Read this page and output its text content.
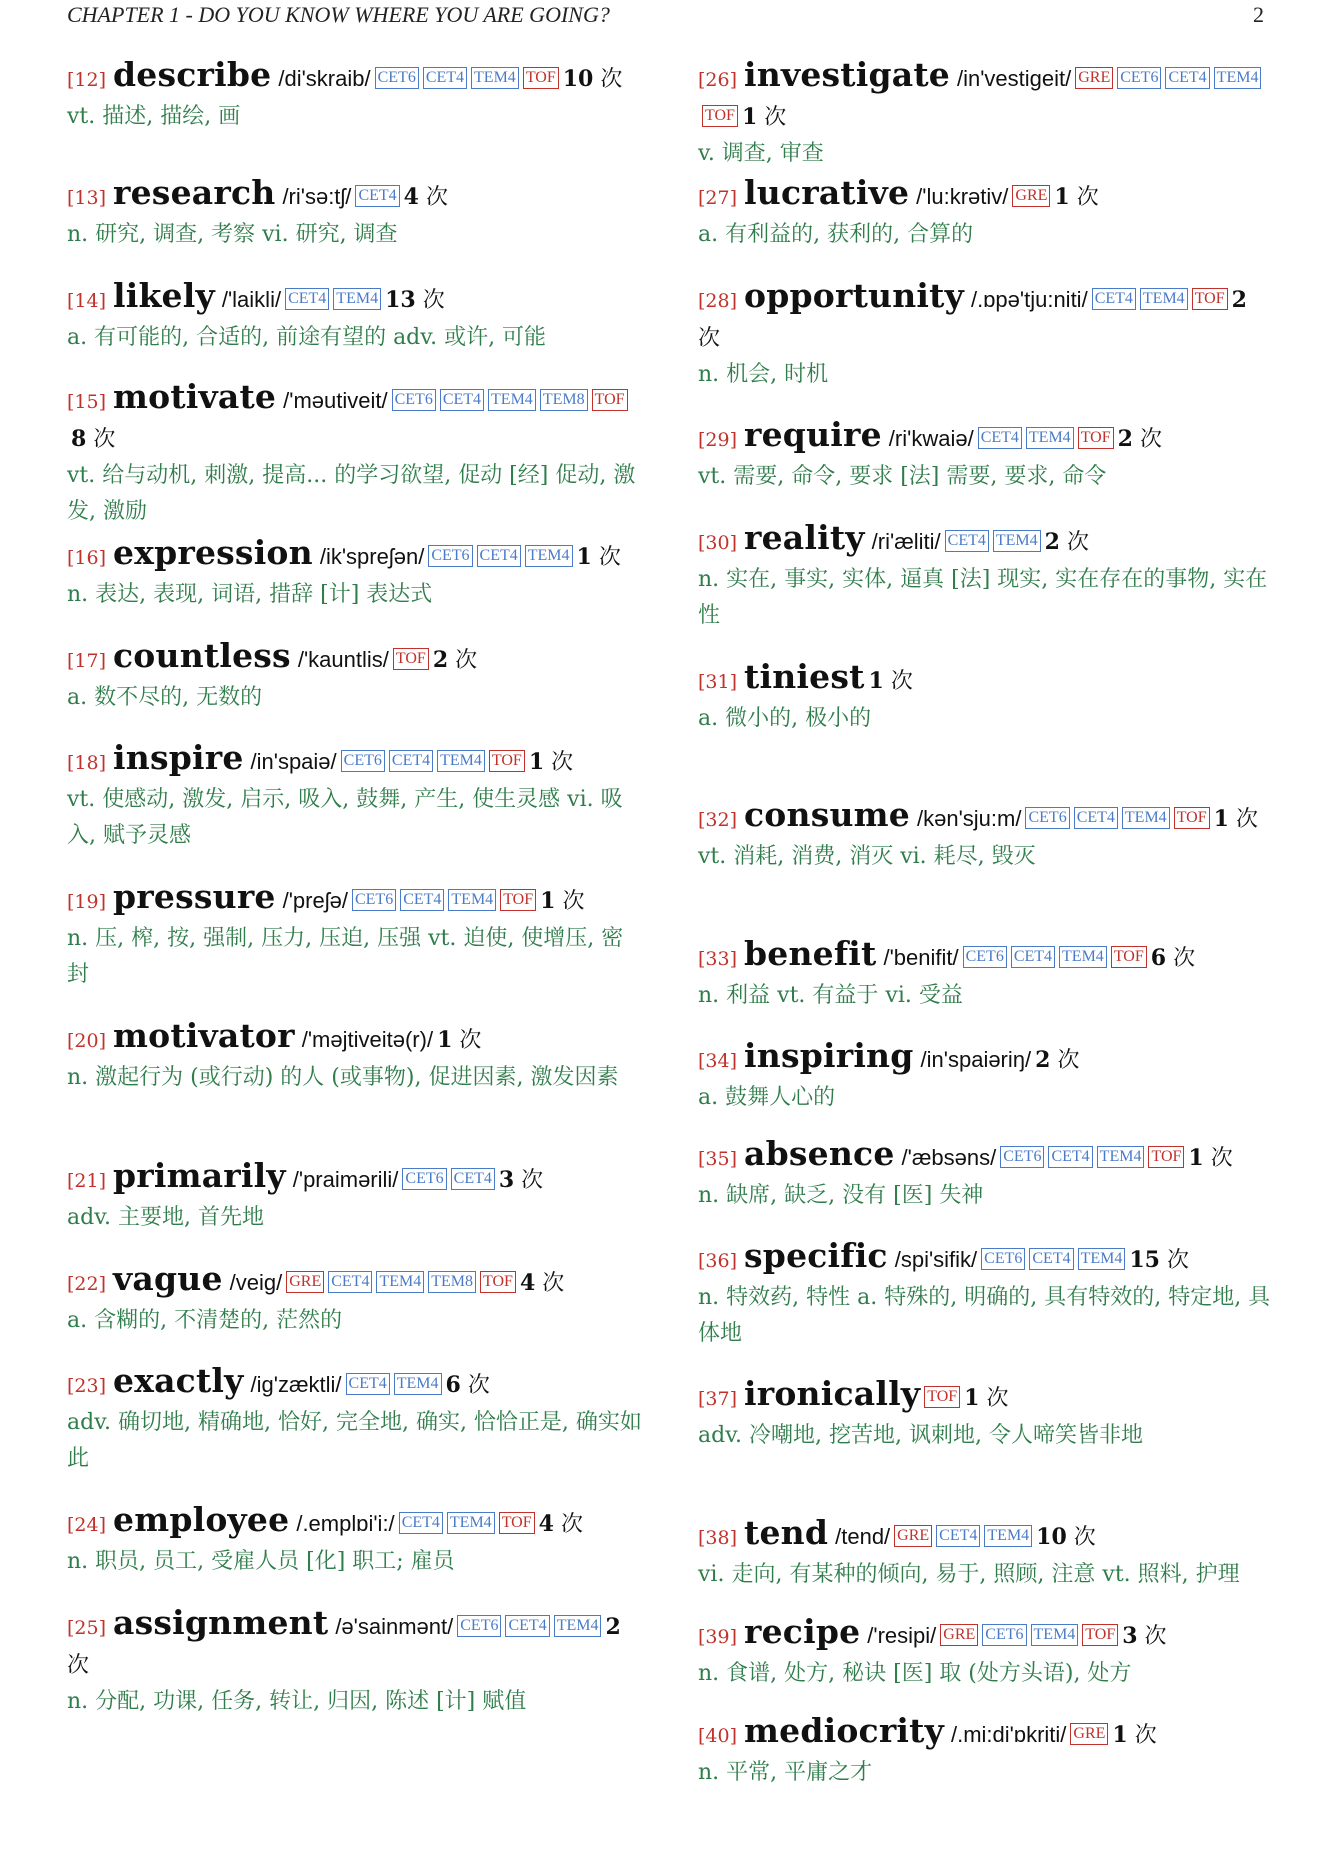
CHAPTER 1 - DO YOU KNOW WHERE YOU ARE GOING?	2
[12] describe /di'skraib/ CET6 CET4 TEM4 TOF 10 次
vt. 描述, 描绘, 画
[13] research /ri'sə:tʃ/ CET4 4 次
n. 研究, 调查, 考察 vi. 研究, 调查
[14] likely /'laikli/ CET4 TEM4 13 次
a. 有可能的, 合适的, 前途有望的 adv. 或许, 可能
[15] motivate /'məutiveit/ CET6 CET4 TEM4 TEM8 TOF8 次
vt. 给与动机, 刺激, 提高... 的学习欲望, 促动 [经] 促动, 激发, 激励
[16] expression /ik'spreʃən/ CET6 CET4 TEM4 1 次
n. 表达, 表现, 词语, 措辞 [计] 表达式
[17] countless /'kauntlis/ TOF 2 次
a. 数不尽的, 无数的
[18] inspire /in'spaiə/ CET6 CET4 TEM4 TOF 1 次
vt. 使感动, 激发, 启示, 吸入, 鼓舞, 产生, 使生灵感 vi. 吸入, 赋予灵感
[19] pressure /'preʃə/ CET6 CET4 TEM4 TOF 1 次
n. 压, 榨, 按, 强制, 压力, 压迫, 压强 vt. 迫使, 使增压, 密封
[20] motivator /'məjtiveitə(r)/ 1 次
n. 激起行为 (或行动) 的人 (或事物), 促进因素, 激发因素
[21] primarily /'praimərili/ CET6 CET4 3 次
adv. 主要地, 首先地
[22] vague /veig/ GRE CET4 TEM4 TEM8 TOF 4 次
a. 含糊的, 不清楚的, 茫然的
[23] exactly /ig'zæktli/ CET4 TEM4 6 次
adv. 确切地, 精确地, 恰好, 完全地, 确实, 恰恰正是, 确实如此
[24] employee /.emplɒi'i:/ CET4 TEM4 TOF 4 次
n. 职员, 员工, 受雇人员 [化] 职工; 雇员
[25] assignment /ə'sainmənt/ CET6 CET4 TEM4 2 次
n. 分配, 功课, 任务, 转让, 归因, 陈述 [计] 赋值
[26] investigate /in'vestigeit/ GRE CET6 CET4 TEM4TOF 1 次
v. 调查, 审查
[27] lucrative /'lu:krətiv/ GRE 1 次
a. 有利益的, 获利的, 合算的
[28] opportunity /.ɒpə'tju:niti/ CET4 TEM4 TOF 2 次
n. 机会, 时机
[29] require /ri'kwaiə/ CET4 TEM4 TOF 2 次
vt. 需要, 命令, 要求 [法] 需要, 要求, 命令
[30] reality /ri'æliti/ CET4 TEM4 2 次
n. 实在, 事实, 实体, 逼真 [法] 现实, 实在存在的事物, 实在性
[31] tiniest 1 次
a. 微小的, 极小的
[32] consume /kən'sju:m/ CET6 CET4 TEM4 TOF 1 次
vt. 消耗, 消费, 消灭 vi. 耗尽, 毁灭
[33] benefit /'benifit/ CET6 CET4 TEM4 TOF 6 次
n. 利益 vt. 有益于 vi. 受益
[34] inspiring /in'spaiəriŋ/ 2 次
a. 鼓舞人心的
[35] absence /'æbsəns/ CET6 CET4 TEM4 TOF 1 次
n. 缺席, 缺乏, 没有 [医] 失神
[36] specific /spi'sifik/ CET6 CET4 TEM4 15 次
n. 特效药, 特性 a. 特殊的, 明确的, 具有特效的, 特定地, 具体地
[37] ironically TOF 1 次
adv. 冷嘲地, 挖苦地, 讽刺地, 令人啼笑皆非地
[38] tend /tend/ GRE CET4 TEM4 10 次
vi. 走向, 有某种的倾向, 易于, 照顾, 注意 vt. 照料, 护理
[39] recipe /'resipi/ GRE CET6 TEM4 TOF 3 次
n. 食谱, 处方, 秘诀 [医] 取 (处方头语), 处方
[40] mediocrity /.mi:di'ɒkriti/ GRE 1 次
n. 平常, 平庸之才
